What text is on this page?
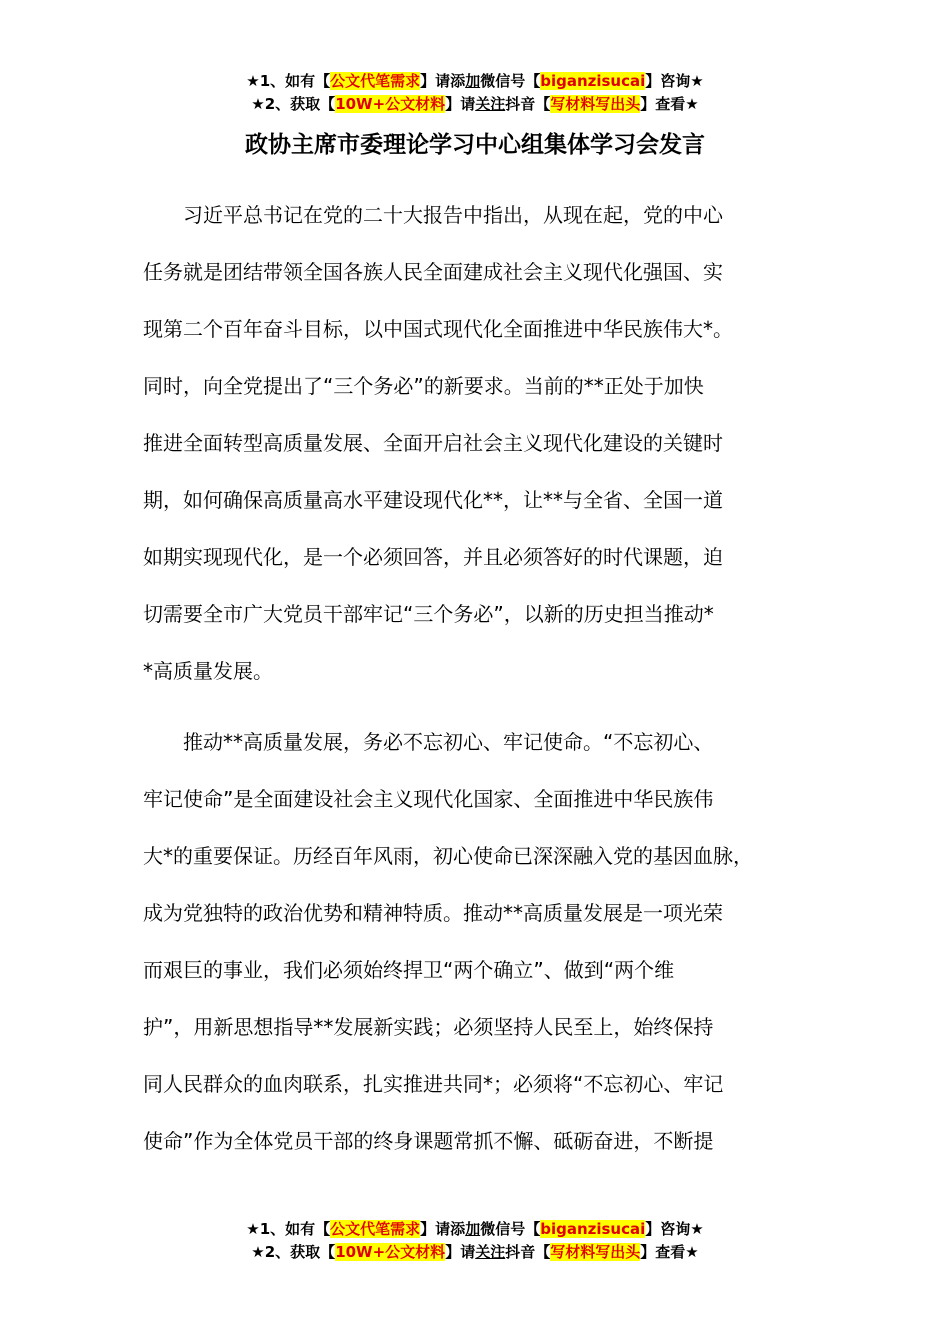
★1、如有【公文代笔需求】请添加微信号【biganzisucai】咨询★
★2、获取【10W+公文材料】请关注抖音【写材料写出头】查看★
政协主席市委理论学习中心组集体学习会发言
　　习近平总书记在党的二十大报告中指出，从现在起，党的中心
任务就是团结带领全国各族人民全面建成社会主义现代化强国、实
现第二个百年奋斗目标，以中国式现代化全面推进中华民族伟大*。
同时，向全党提出了“三个务必”的新要求。当前的**正处于加快
推进全面转型高质量发展、全面开启社会主义现代化建设的关键时
期，如何确保高质量高水平建设现代化**，让**与全省、全国一道
如期实现现代化，是一个必须回答，并且必须答好的时代课题，迫
切需要全市广大党员干部牢记“三个务必”，以新的历史担当推动*
*高质量发展。
　　推动**高质量发展，务必不忘初心、牢记使命。“不忘初心、
牢记使命”是全面建设社会主义现代化国家、全面推进中华民族伟
大*的重要保证。历经百年风雨，初心使命已深深融入党的基因血脉，
成为党独特的政治优势和精神特质。推动**高质量发展是一项光荣
而艰巨的事业，我们必须始终捍卫“两个确立”、做到“两个维
护”，用新思想指导**发展新实践；必须坚持人民至上，始终保持
同人民群众的血肉联系，扎实推进共同*；必须将“不忘初心、牢记
使命”作为全体党员干部的终身课题常抓不懈、砥砺奋进，不断提
★1、如有【公文代笔需求】请添加微信号【biganzisucai】咨询★
★2、获取【10W+公文材料】请关注抖音【写材料写出头】查看★
